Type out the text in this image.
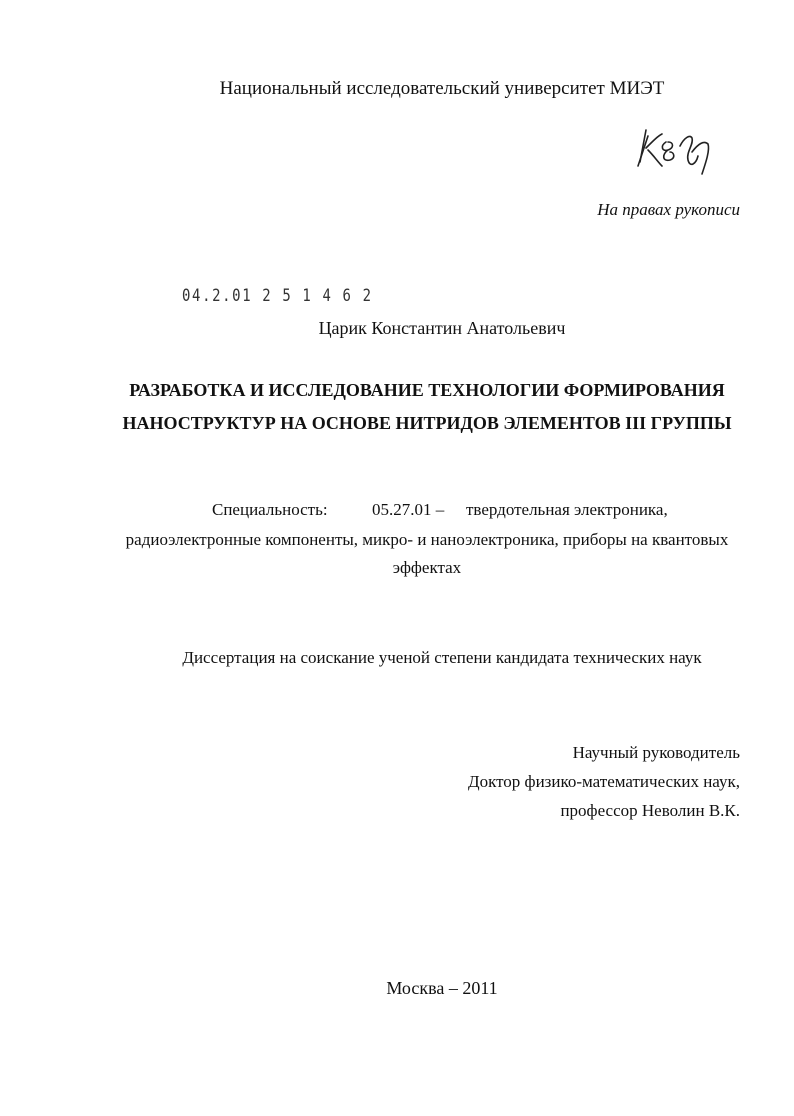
Национальный исследовательский университет МИЭТ
На правах рукописи
04.2.01 2 5 1 4 6 2
Царик Константин Анатольевич
РАЗРАБОТКА И ИССЛЕДОВАНИЕ ТЕХНОЛОГИИ ФОРМИРОВАНИЯ
НАНОСТРУКТУР НА ОСНОВЕ НИТРИДОВ ЭЛЕМЕНТОВ III ГРУППЫ
Специальность:	05.27.01 – твердотельная электроника,
радиоэлектронные компоненты, микро- и наноэлектроника, приборы на квантовых
эффектах
Диссертация на соискание ученой степени кандидата технических наук
Научный руководитель
Доктор физико-математических наук,
профессор Неволин В.К.
Москва – 2011
